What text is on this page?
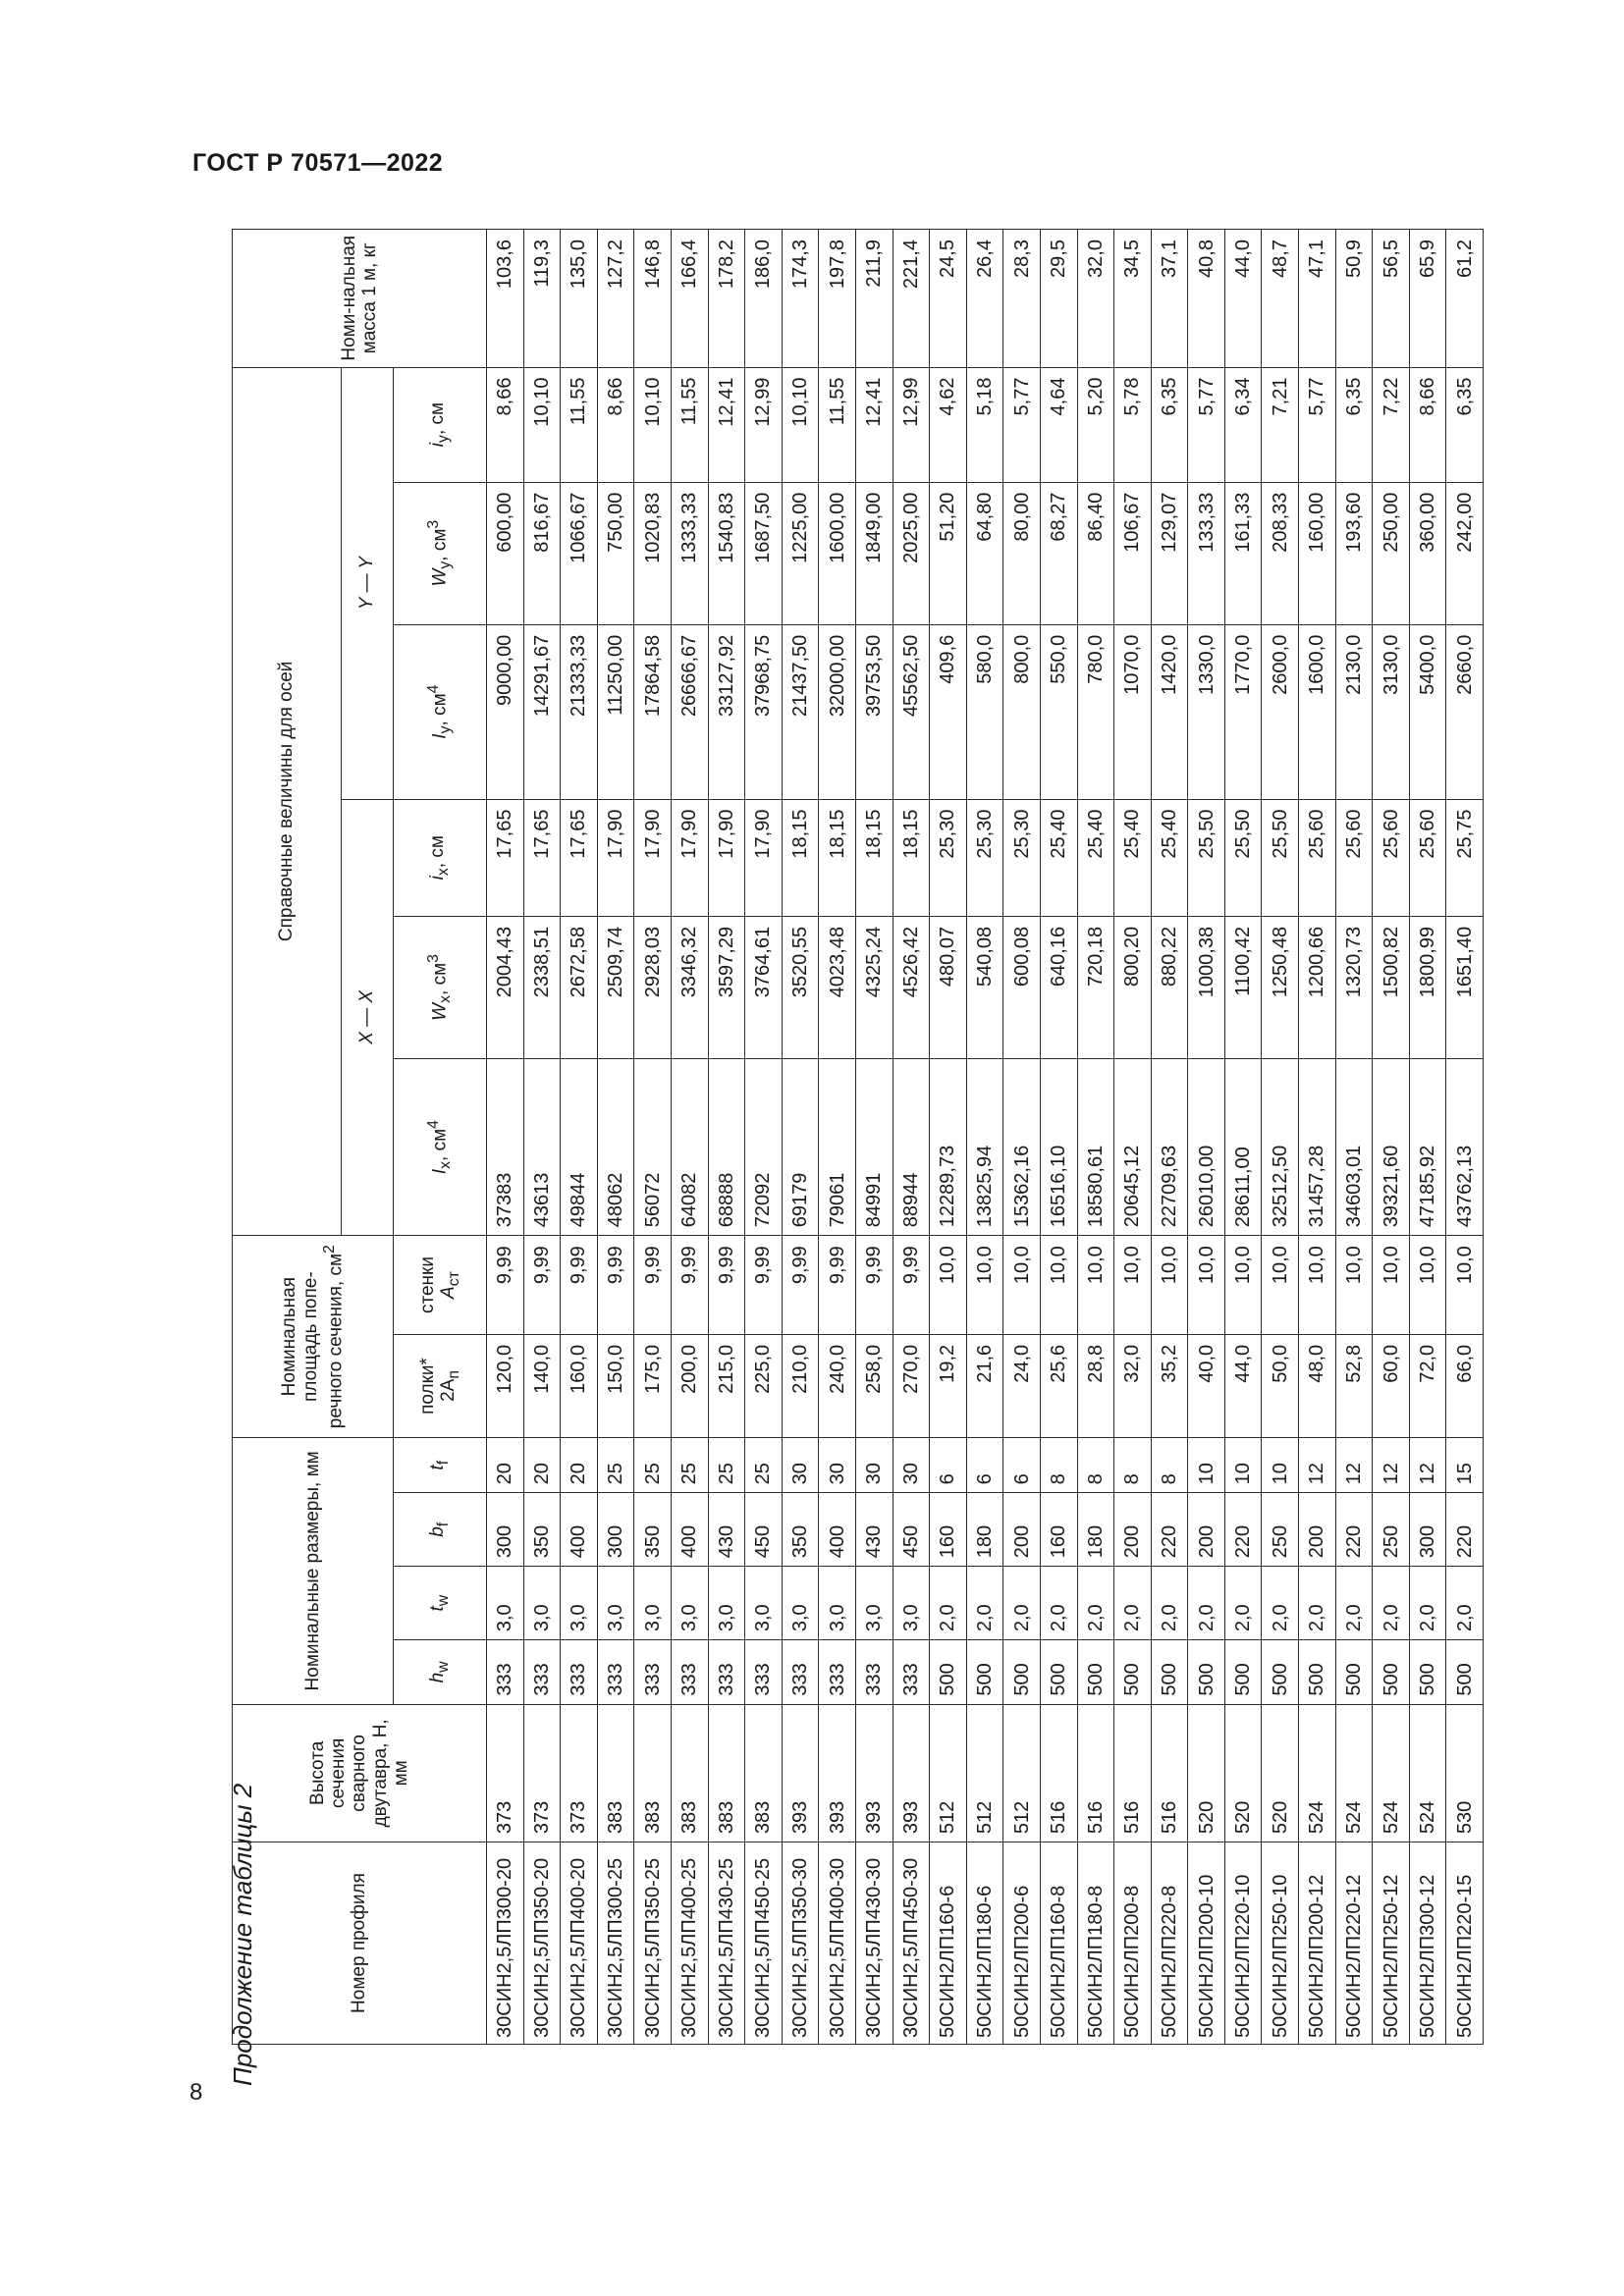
ГОСТ Р 70571—2022
8
Продолжение таблицы 2	Номер профиля	Высота сечения сварного двутавра, H, мм	Номинальные размеры, мм				Номинальная площадь попе-речного сечения, $см^2$		Справочные величины для осей						Номи-нальная масса 1 м, кг
								X — X			Y — Y			
		$h_w$	$t_w$	$b_f$	$t_f$	полки*
$2A_п$	стенки
$A_{ст}$	$I_x$, $см^4$	$W_x$, $см^3$	$i_x$, см	$I_y$, $см^4$	$W_y$, $см^3$	$i_y$, см	
30СИН2,5ЛП300-20	373	333	3,0	300	20	120,0	9,99	37383	2004,43	17,65	9000,00	600,00	8,66	103,6
30СИН2,5ЛП350-20	373	333	3,0	350	20	140,0	9,99	43613	2338,51	17,65	14291,67	816,67	10,10	119,3
30СИН2,5ЛП400-20	373	333	3,0	400	20	160,0	9,99	49844	2672,58	17,65	21333,33	1066,67	11,55	135,0
30СИН2,5ЛП300-25	383	333	3,0	300	25	150,0	9,99	48062	2509,74	17,90	11250,00	750,00	8,66	127,2
30СИН2,5ЛП350-25	383	333	3,0	350	25	175,0	9,99	56072	2928,03	17,90	17864,58	1020,83	10,10	146,8
30СИН2,5ЛП400-25	383	333	3,0	400	25	200,0	9,99	64082	3346,32	17,90	26666,67	1333,33	11,55	166,4
30СИН2,5ЛП430-25	383	333	3,0	430	25	215,0	9,99	68888	3597,29	17,90	33127,92	1540,83	12,41	178,2
30СИН2,5ЛП450-25	383	333	3,0	450	25	225,0	9,99	72092	3764,61	17,90	37968,75	1687,50	12,99	186,0
30СИН2,5ЛП350-30	393	333	3,0	350	30	210,0	9,99	69179	3520,55	18,15	21437,50	1225,00	10,10	174,3
30СИН2,5ЛП400-30	393	333	3,0	400	30	240,0	9,99	79061	4023,48	18,15	32000,00	1600,00	11,55	197,8
30СИН2,5ЛП430-30	393	333	3,0	430	30	258,0	9,99	84991	4325,24	18,15	39753,50	1849,00	12,41	211,9
30СИН2,5ЛП450-30	393	333	3,0	450	30	270,0	9,99	88944	4526,42	18,15	45562,50	2025,00	12,99	221,4
50СИН2ЛП160-6	512	500	2,0	160	6	19,2	10,0	12289,73	480,07	25,30	409,6	51,20	4,62	24,5
50СИН2ЛП180-6	512	500	2,0	180	6	21,6	10,0	13825,94	540,08	25,30	580,0	64,80	5,18	26,4
50СИН2ЛП200-6	512	500	2,0	200	6	24,0	10,0	15362,16	600,08	25,30	800,0	80,00	5,77	28,3
50СИН2ЛП160-8	516	500	2,0	160	8	25,6	10,0	16516,10	640,16	25,40	550,0	68,27	4,64	29,5
50СИН2ЛП180-8	516	500	2,0	180	8	28,8	10,0	18580,61	720,18	25,40	780,0	86,40	5,20	32,0
50СИН2ЛП200-8	516	500	2,0	200	8	32,0	10,0	20645,12	800,20	25,40	1070,0	106,67	5,78	34,5
50СИН2ЛП220-8	516	500	2,0	220	8	35,2	10,0	22709,63	880,22	25,40	1420,0	129,07	6,35	37,1
50СИН2ЛП200-10	520	500	2,0	200	10	40,0	10,0	26010,00	1000,38	25,50	1330,0	133,33	5,77	40,8
50СИН2ЛП220-10	520	500	2,0	220	10	44,0	10,0	28611,00	1100,42	25,50	1770,0	161,33	6,34	44,0
50СИН2ЛП250-10	520	500	2,0	250	10	50,0	10,0	32512,50	1250,48	25,50	2600,0	208,33	7,21	48,7
50СИН2ЛП200-12	524	500	2,0	200	12	48,0	10,0	31457,28	1200,66	25,60	1600,0	160,00	5,77	47,1
50СИН2ЛП220-12	524	500	2,0	220	12	52,8	10,0	34603,01	1320,73	25,60	2130,0	193,60	6,35	50,9
50СИН2ЛП250-12	524	500	2,0	250	12	60,0	10,0	39321,60	1500,82	25,60	3130,0	250,00	7,22	56,5
50СИН2ЛП300-12	524	500	2,0	300	12	72,0	10,0	47185,92	1800,99	25,60	5400,0	360,00	8,66	65,9
50СИН2ЛП220-15	530	500	2,0	220	15	66,0	10,0	43762,13	1651,40	25,75	2660,0	242,00	6,35	61,2
